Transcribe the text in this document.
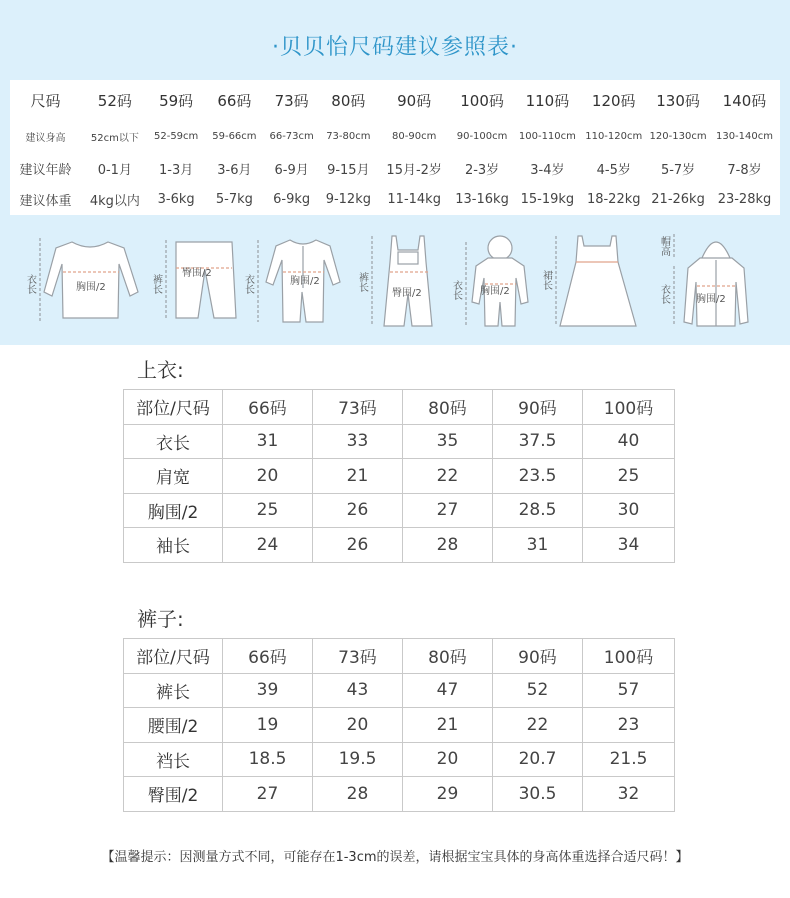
·贝贝怡尺码建议参照表·
尺码	52码	59码	66码	73码	80码	90码	100码	110码	120码	130码	140码
建议身高	52cm以下	52-59cm	59-66cm	66-73cm	73-80cm	80-90cm	90-100cm	100-110cm	110-120cm	120-130cm	130-140cm
建议年龄	0-1月	1-3月	3-6月	6-9月	9-15月	15月-2岁	2-3岁	3-4岁	4-5岁	5-7岁	7-8岁
建议体重	4kg以内	3-6kg	5-7kg	6-9kg	9-12kg	11-14kg	13-16kg	15-19kg	18-22kg	21-26kg	23-28kg
衣长	胸围/2	裤长
臀围/2
衣长	胸围/2	裤长
臀围/2	衣长 胸围/2
裙长
帽高
衣长	胸围/2
上衣:
部位/尺码	66码	73码	80码	90码	100码
衣长	31	33	35	37.5	40
肩宽	20	21	22	23.5	25
胸围/2	25	26	27	28.5	30
袖长	24	26	28	31	34
裤子:
部位/尺码	66码	73码	80码	90码	100码
裤长	39	43	47	52	57
腰围/2	19	20	21	22	23
裆长	18.5	19.5	20	20.7	21.5
臀围/2	27	28	29	30.5	32
【温馨提示：因测量方式不同，可能存在1-3cm的误差，请根据宝宝具体的身高体重选择合适尺码！】
